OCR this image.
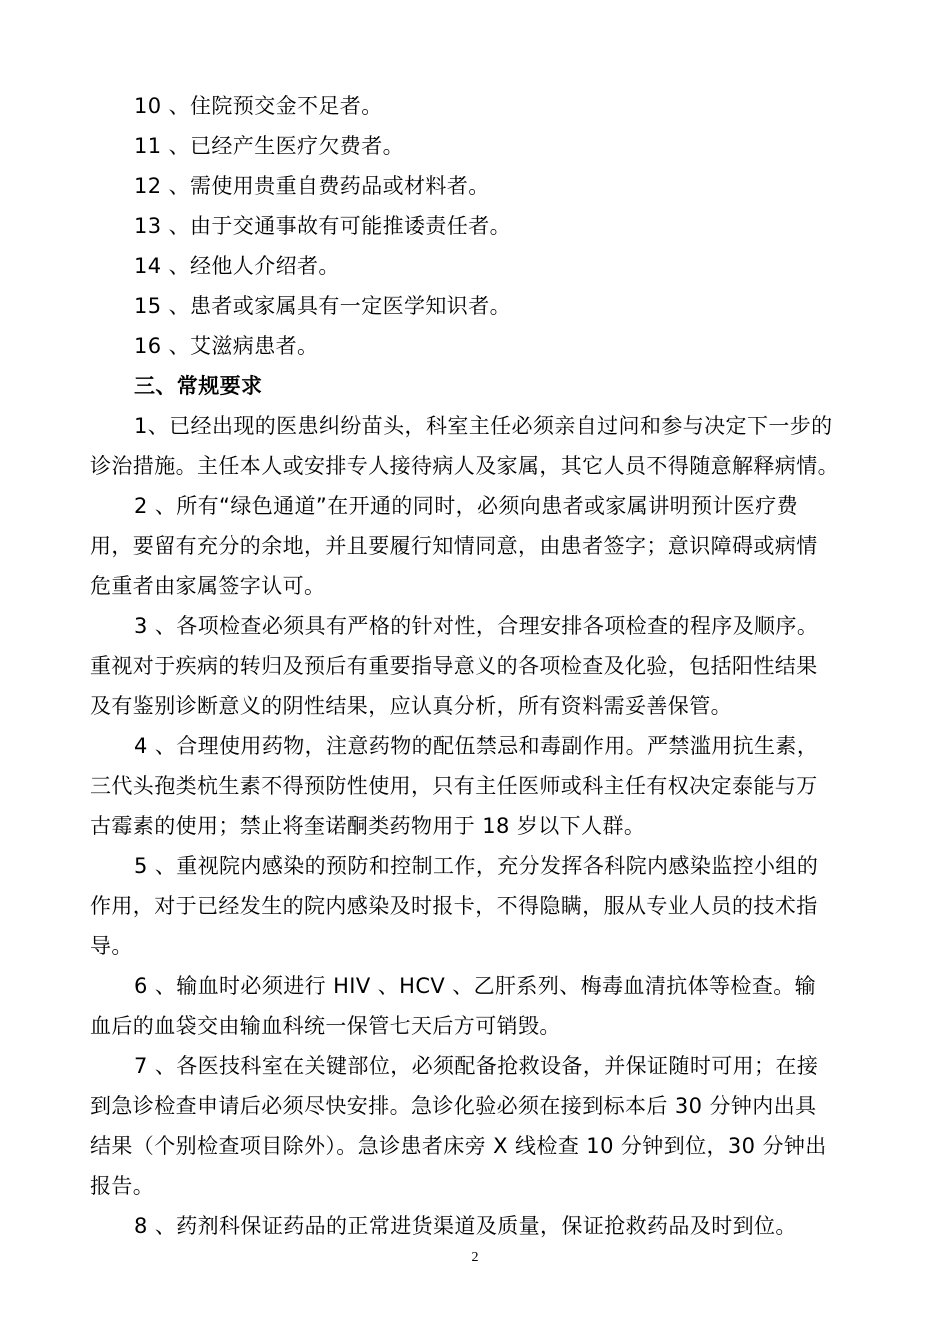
10 、住院预交金不足者。
11 、已经产生医疗欠费者。
12 、需使用贵重自费药品或材料者。
13 、由于交通事故有可能推诿责任者。
14 、经他人介绍者。
15 、患者或家属具有一定医学知识者。
16 、艾滋病患者。
三、常规要求
1、已经出现的医患纠纷苗头，科室主任必须亲自过问和参与决定下一步的
诊治措施。主任本人或安排专人接待病人及家属，其它人员不得随意解释病情。
2 、所有“绿色通道”在开通的同时，必须向患者或家属讲明预计医疗费
用，要留有充分的余地，并且要履行知情同意，由患者签字；意识障碍或病情
危重者由家属签字认可。
3 、各项检查必须具有严格的针对性，合理安排各项检查的程序及顺序。
重视对于疾病的转归及预后有重要指导意义的各项检查及化验，包括阳性结果
及有鉴别诊断意义的阴性结果，应认真分析，所有资料需妥善保管。
4 、合理使用药物，注意药物的配伍禁忌和毒副作用。严禁滥用抗生素，
三代头孢类杭生素不得预防性使用，只有主任医师或科主任有权决定泰能与万
古霉素的使用；禁止将奎诺酮类药物用于 18 岁以下人群。
5 、重视院内感染的预防和控制工作，充分发挥各科院内感染监控小组的
作用，对于已经发生的院内感染及时报卡，不得隐瞒，服从专业人员的技术指
导。
6 、输血时必须进行 HIV 、HCV 、乙肝系列、梅毒血清抗体等检查。输
血后的血袋交由输血科统一保管七天后方可销毁。
7 、各医技科室在关键部位，必须配备抢救设备，并保证随时可用；在接
到急诊检查申请后必须尽快安排。急诊化验必须在接到标本后 30 分钟内出具
结果（个别检查项目除外）。急诊患者床旁 X 线检查 10 分钟到位，30 分钟出
报告。
8 、药剂科保证药品的正常进货渠道及质量，保证抢救药品及时到位。
2
